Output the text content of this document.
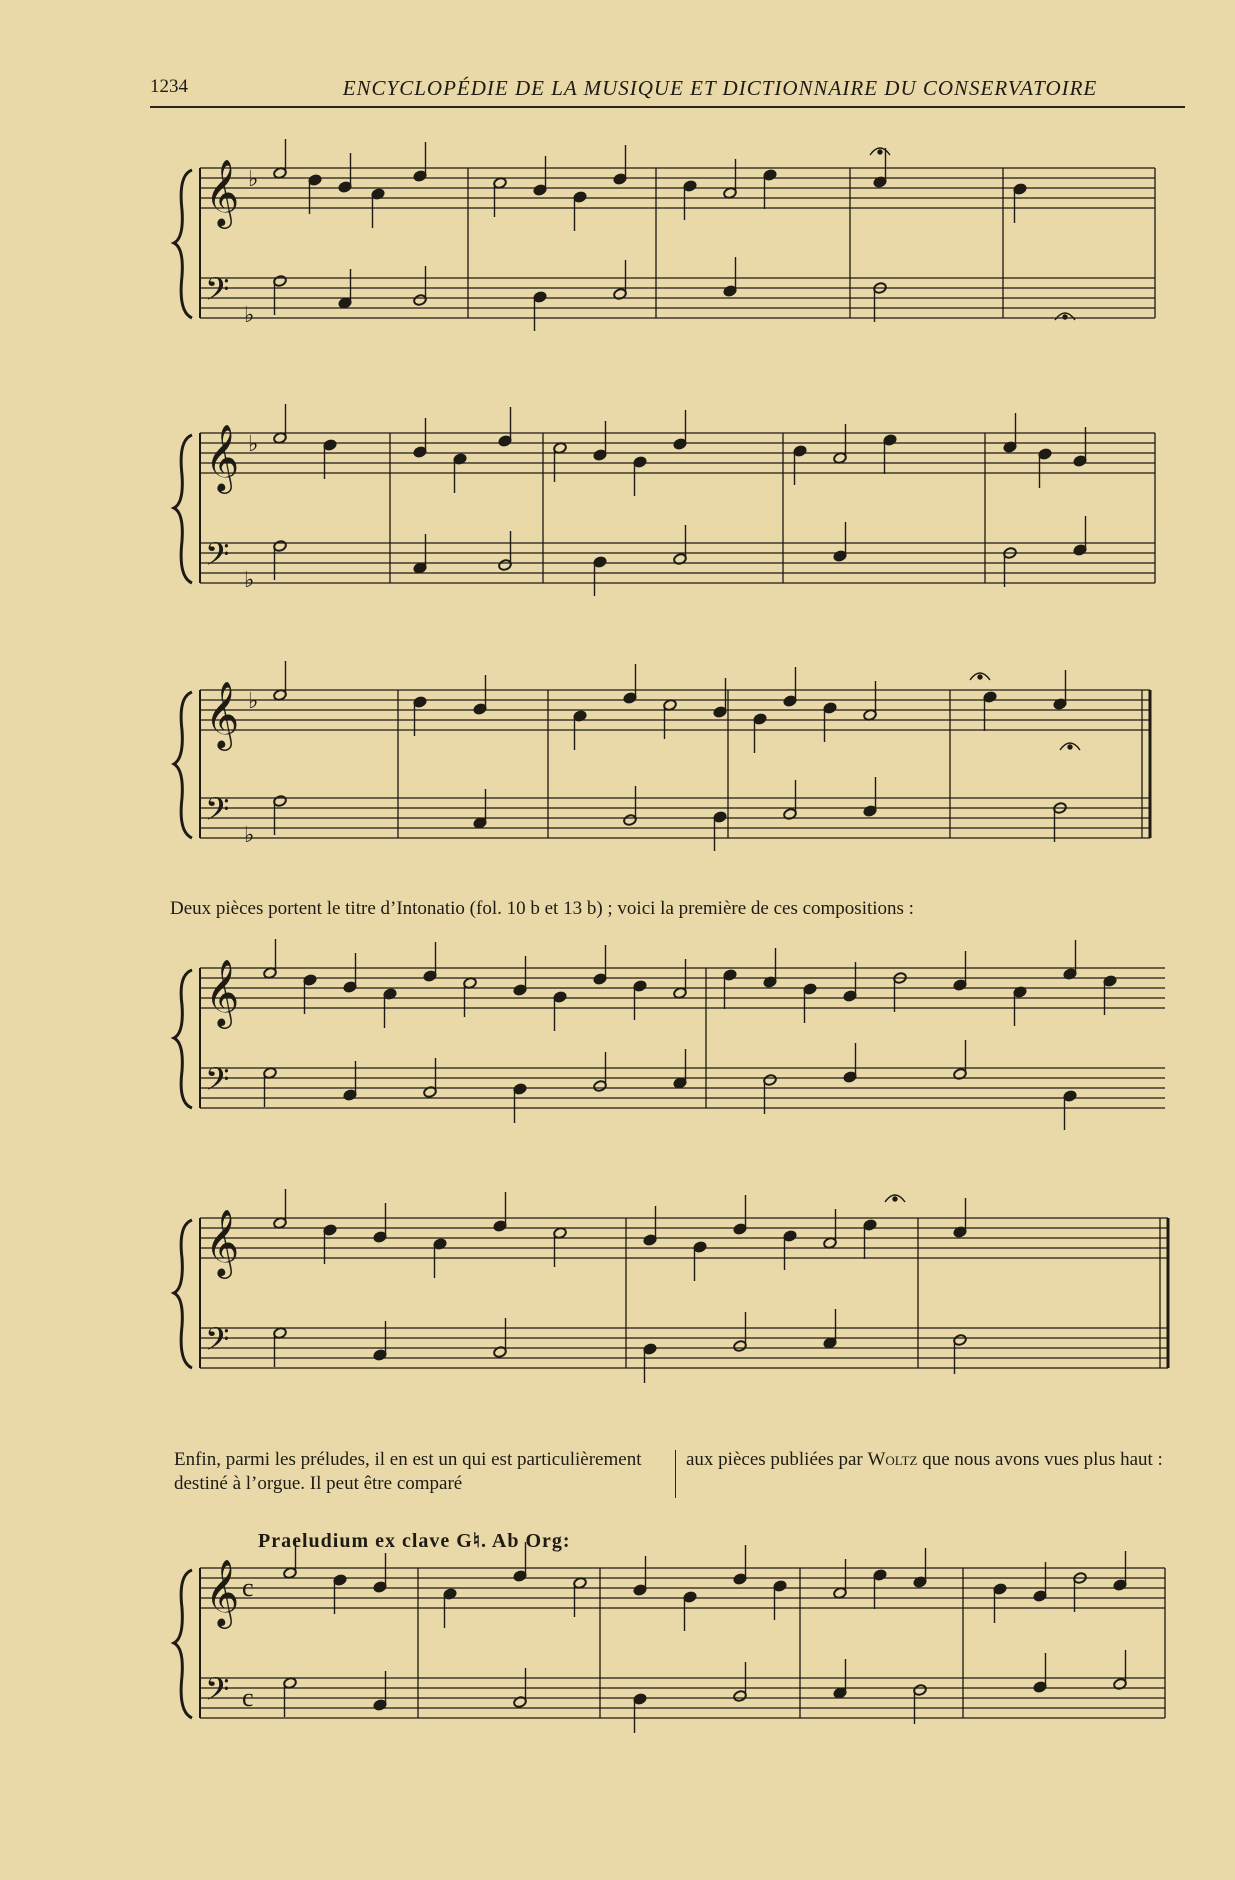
1234	ENCYCLOPÉDIE DE LA MUSIQUE ET DICTIONNAIRE DU CONSERVATOIRE
𝄞
𝄢
𝄞
𝄢
𝄞
𝄢
𝄞
𝄢
𝄞
𝄢
𝄞
𝄢
♭
♭
♭
♭
♭
♭
c
c
Deux pièces portent le titre d’Intonatio (fol. 10 b et 13 b) ; voici la première de ces compositions :
Enfin, parmi les préludes, il en est un qui est particulièrement destiné à l’orgue. Il peut être comparé
aux pièces publiées par Woltz que nous avons vues plus haut :
Praeludium ex clave G♮. Ab Org:
